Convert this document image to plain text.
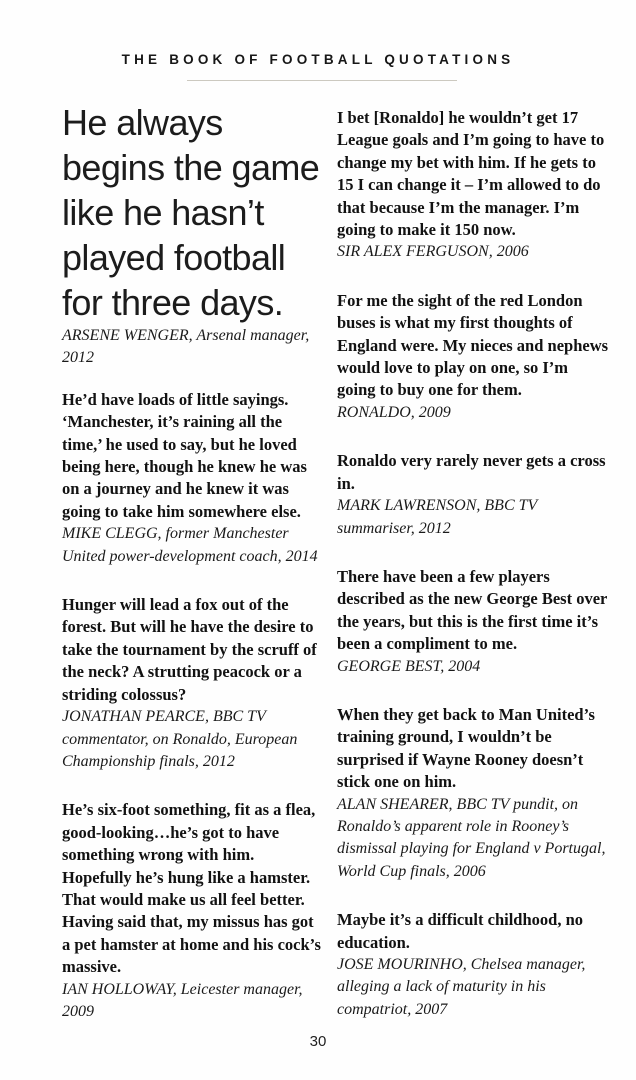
THE BOOK OF FOOTBALL QUOTATIONS
He always
begins the game
like he hasn’t
played football
for three days.
ARSENE WENGER, Arsenal manager, 2012
He’d have loads of little sayings. ‘Manchester, it’s raining all the time,’ he used to say, but he loved being here, though he knew he was on a journey and he knew it was going to take him somewhere else.
MIKE CLEGG, former Manchester United power-development coach, 2014
Hunger will lead a fox out of the forest. But will he have the desire to take the tournament by the scruff of the neck? A strutting peacock or a striding colossus?
JONATHAN PEARCE, BBC TV commentator, on Ronaldo, European Championship finals, 2012
He’s six-foot something, fit as a flea, good-looking…he’s got to have something wrong with him. Hopefully he’s hung like a hamster. That would make us all feel better. Having said that, my missus has got a pet hamster at home and his cock’s massive.
IAN HOLLOWAY, Leicester manager, 2009
I bet [Ronaldo] he wouldn’t get 17 League goals and I’m going to have to change my bet with him. If he gets to 15 I can change it – I’m allowed to do that because I’m the manager. I’m going to make it 150 now.
SIR ALEX FERGUSON, 2006
For me the sight of the red London buses is what my first thoughts of England were. My nieces and nephews would love to play on one, so I’m going to buy one for them.
RONALDO, 2009
Ronaldo very rarely never gets a cross in.
MARK LAWRENSON, BBC TV summariser, 2012
There have been a few players described as the new George Best over the years, but this is the first time it’s been a compliment to me.
GEORGE BEST, 2004
When they get back to Man United’s training ground, I wouldn’t be surprised if Wayne Rooney doesn’t stick one on him.
ALAN SHEARER, BBC TV pundit, on Ronaldo’s apparent role in Rooney’s dismissal playing for England v Portugal, World Cup finals, 2006
Maybe it’s a difficult childhood, no education.
JOSE MOURINHO, Chelsea manager, alleging a lack of maturity in his compatriot, 2007
30
